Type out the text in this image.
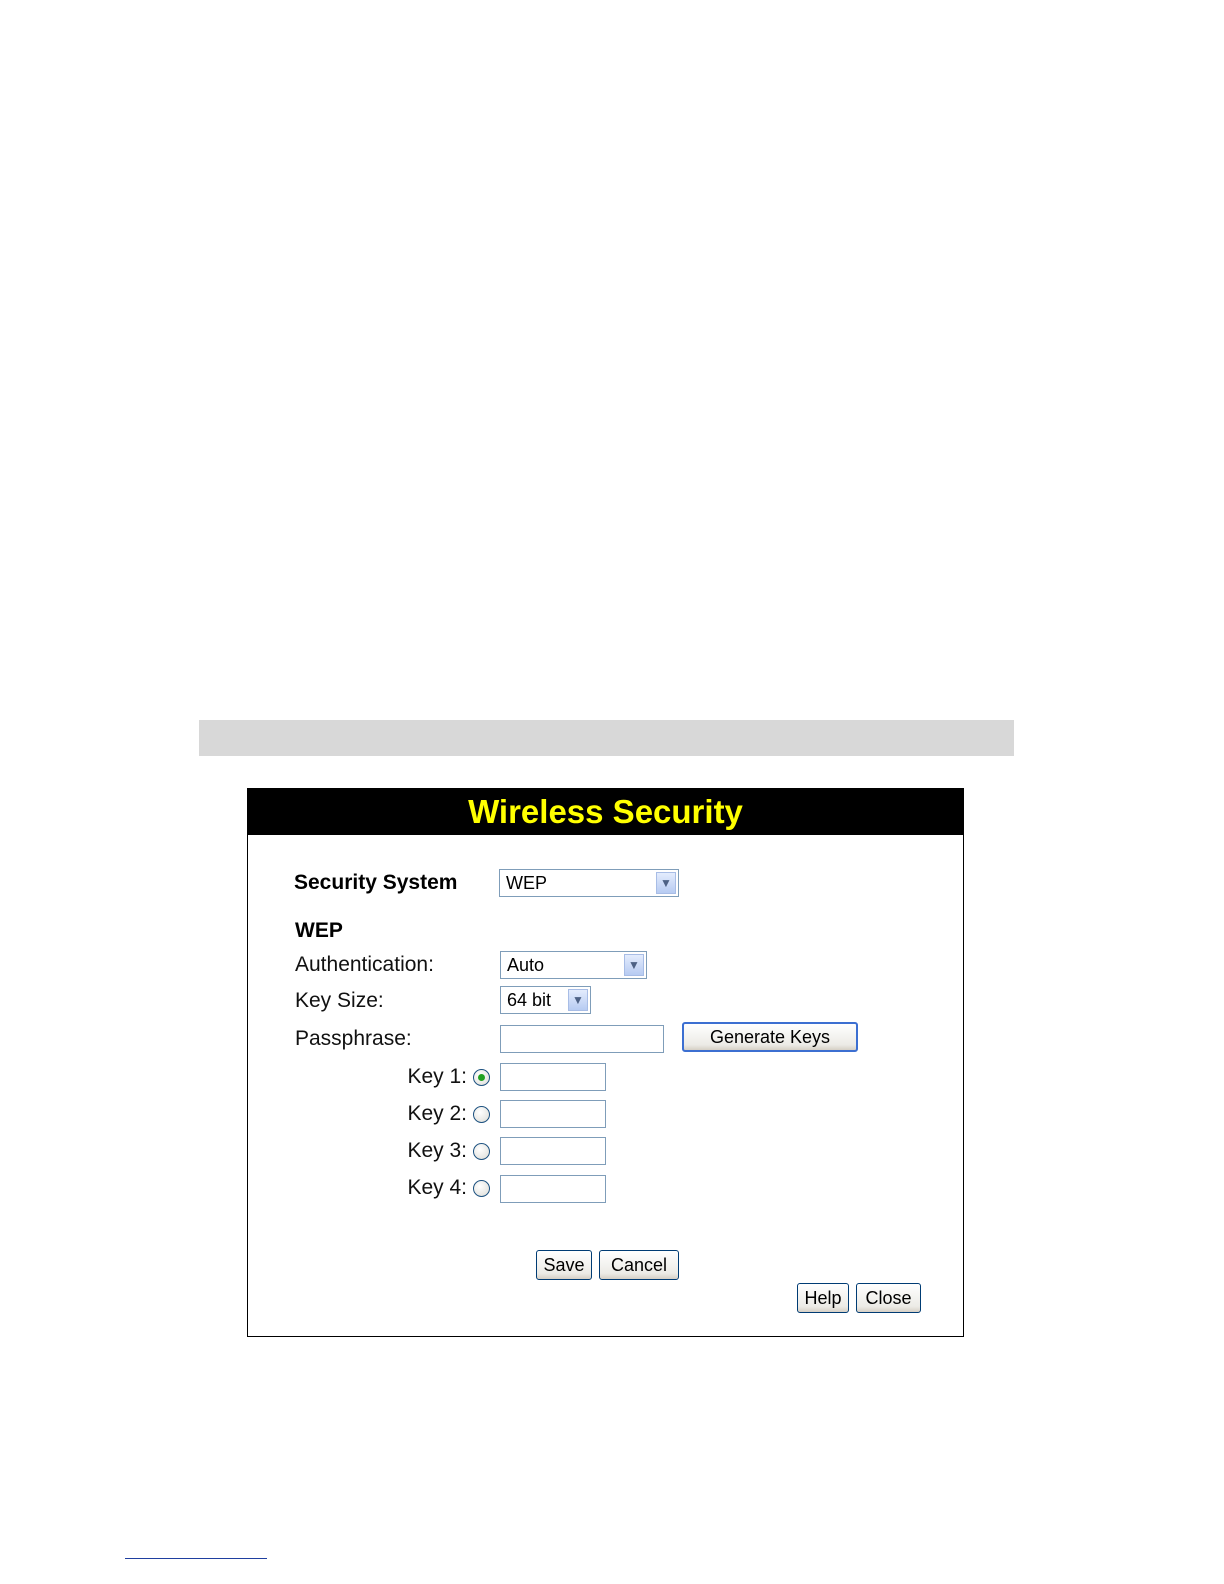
Wireless Security
Security System	WEP	▼
WEP
Authentication:	Auto	▼
Key Size:	64 bit	▼
Passphrase:	Generate Keys
Key 1:
Key 2:
Key 3:
Key 4:
Save	Cancel
Help	Close
